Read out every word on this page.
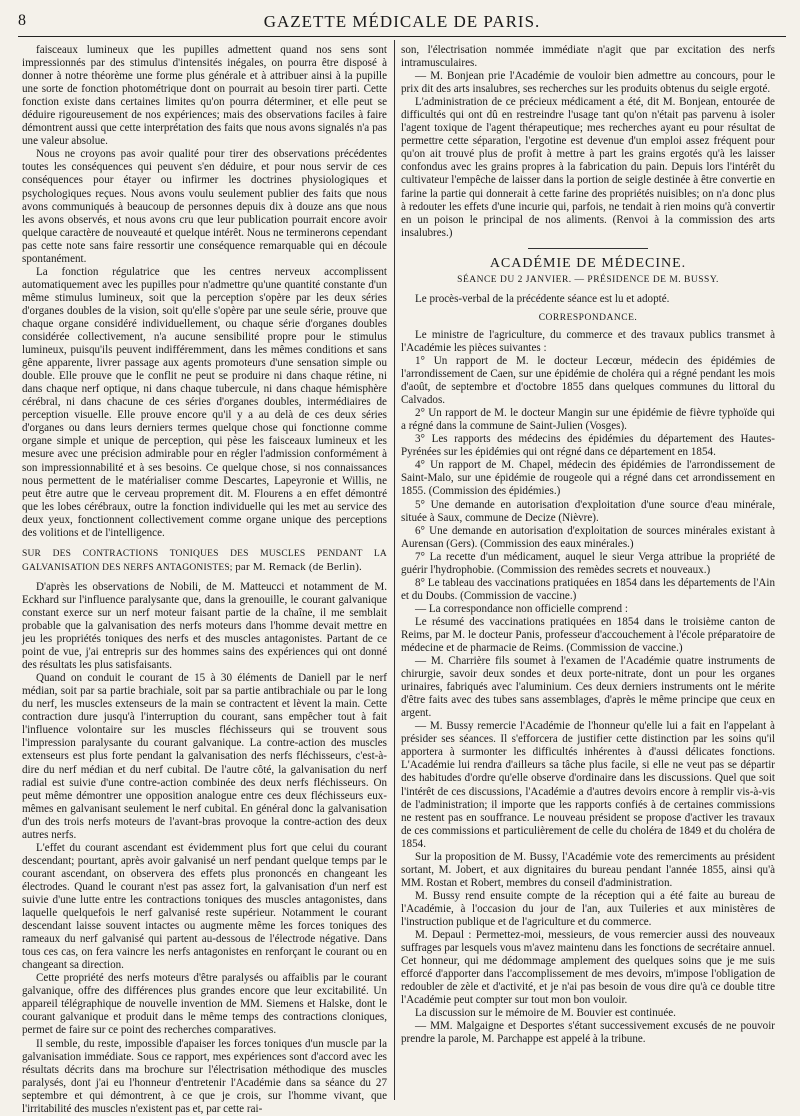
8	GAZETTE MÉDICALE DE PARIS.

faisceaux lumineux que les pupilles admettent quand nos sens sont impressionnés par des stimulus d'intensités inégales, on pourra être disposé à donner à notre théorème une forme plus générale et à attribuer ainsi à la pupille une sorte de fonction photométrique dont on pourrait au besoin tirer parti. Cette fonction existe dans certaines limites qu'on pourra déterminer, et elle peut se déduire rigoureusement de nos expériences; mais des observations faciles à faire démontrent aussi que cette interprétation des faits que nous avons signalés n'a pas une valeur absolue.

Nous ne croyons pas avoir qualité pour tirer des observations précédentes toutes les conséquences qui peuvent s'en déduire, et pour nous servir de ces conséquences pour étayer ou infirmer les doctrines physiologiques et psychologiques reçues. Nous avons voulu seulement publier des faits que nous avons communiqués à beaucoup de personnes depuis dix à douze ans que nous les avons observés, et nous avons cru que leur publication pourrait encore avoir quelque caractère de nouveauté et quelque intérêt. Nous ne terminerons cependant pas cette note sans faire ressortir une conséquence remarquable qui en découle spontanément.

La fonction régulatrice que les centres nerveux accomplissent automatiquement avec les pupilles pour n'admettre qu'une quantité constante d'un même stimulus lumineux, soit que la perception s'opère par les deux séries d'organes doubles de la vision, soit qu'elle s'opère par une seule série, prouve que chaque organe considéré individuellement, ou chaque série d'organes doubles considérée collectivement, n'a aucune sensibilité propre pour le stimulus lumineux, puisqu'ils peuvent indifféremment, dans les mêmes conditions et sans gêne apparente, livrer passage aux agents promoteurs d'une sensation simple ou double. Elle prouve que le conflit ne peut se produire ni dans chaque rétine, ni dans chaque nerf optique, ni dans chaque tubercule, ni dans chaque hémisphère cérébral, ni dans chacune de ces séries d'organes doubles, intermédiaires de perception visuelle. Elle prouve encore qu'il y a au delà de ces deux séries d'organes ou dans leurs derniers termes quelque chose qui fonctionne comme organe simple et unique de perception, qui pèse les faisceaux lumineux et les mesure avec une précision admirable pour en régler l'admission conformément à son impressionnabilité et à ses besoins. Ce quelque chose, si nos connaissances nous permettent de le matérialiser comme Descartes, Lapeyronie et Willis, ne peut être autre que le cerveau proprement dit. M. Flourens a en effet démontré que les lobes cérébraux, outre la fonction individuelle qui les met au service des deux yeux, fonctionnent collectivement comme organe unique des perceptions des volitions et de l'intelligence.

SUR DES CONTRACTIONS TONIQUES DES MUSCLES PENDANT LA GALVANISATION DES NERFS ANTAGONISTES; par M. Remack (de Berlin).

D'après les observations de Nobili, de M. Matteucci et notamment de M. Eckhard sur l'influence paralysante que, dans la grenouille, le courant galvanique constant exerce sur un nerf moteur faisant partie de la chaîne, il me semblait probable que la galvanisation des nerfs moteurs dans l'homme devait mettre en jeu les propriétés toniques des nerfs et des muscles antagonistes. Partant de ce point de vue, j'ai entrepris sur des hommes sains des expériences qui ont donné des résultats les plus satisfaisants.

Quand on conduit le courant de 15 à 30 éléments de Daniell par le nerf médian, soit par sa partie brachiale, soit par sa partie antibrachiale ou par le long du nerf, les muscles extenseurs de la main se contractent et lèvent la main. Cette contraction dure jusqu'à l'interruption du courant, sans empêcher tout à fait l'influence volontaire sur les muscles fléchisseurs qui se trouvent sous l'impression paralysante du courant galvanique. La contre-action des muscles extenseurs est plus forte pendant la galvanisation des nerfs fléchisseurs, c'est-à-dire du nerf médian et du nerf cubital. De l'autre côté, la galvanisation du nerf radial est suivie d'une contre-action combinée des deux nerfs fléchisseurs. On peut même démontrer une opposition analogue entre ces deux fléchisseurs eux-mêmes en galvanisant seulement le nerf cubital. En général donc la galvanisation d'un des trois nerfs moteurs de l'avant-bras provoque la contre-action des deux autres nerfs.

L'effet du courant ascendant est évidemment plus fort que celui du courant descendant; pourtant, après avoir galvanisé un nerf pendant quelque temps par le courant ascendant, on observera des effets plus prononcés en changeant les électrodes. Quand le courant n'est pas assez fort, la galvanisation d'un nerf est suivie d'une lutte entre les contractions toniques des muscles antagonistes, dans laquelle quelquefois le nerf galvanisé reste supérieur. Notamment le courant descendant laisse souvent intactes ou augmente même les forces toniques des rameaux du nerf galvanisé qui partent au-dessous de l'électrode négative. Dans tous ces cas, on fera vaincre les nerfs antagonistes en renforçant le courant ou en changeant sa direction.

Cette propriété des nerfs moteurs d'être paralysés ou affaiblis par le courant galvanique, offre des différences plus grandes encore que leur excitabilité. Un appareil télégraphique de nouvelle invention de MM. Siemens et Halske, dont le courant galvanique et produit dans le même temps des contractions cloniques, permet de faire sur ce point des recherches comparatives.

Il semble, du reste, impossible d'apaiser les forces toniques d'un muscle par la galvanisation immédiate. Sous ce rapport, mes expériences sont d'accord avec les résultats décrits dans ma brochure sur l'électrisation méthodique des muscles paralysés, dont j'ai eu l'honneur d'entretenir l'Académie dans sa séance du 27 septembre et qui démontrent, à ce que je crois, sur l'homme vivant, que l'irritabilité des muscles n'existent pas et, par cette rai-

son, l'électrisation nommée immédiate n'agit que par excitation des nerfs intramusculaires.

— M. Bonjean prie l'Académie de vouloir bien admettre au concours, pour le prix dit des arts insalubres, ses recherches sur les produits obtenus du seigle ergoté.

L'administration de ce précieux médicament a été, dit M. Bonjean, entourée de difficultés qui ont dû en restreindre l'usage tant qu'on n'était pas parvenu à isoler l'agent toxique de l'agent thérapeutique; mes recherches ayant eu pour résultat de permettre cette séparation, l'ergotine est devenue d'un emploi assez fréquent pour qu'on ait trouvé plus de profit à mettre à part les grains ergotés qu'à les laisser confondus avec les grains propres à la fabrication du pain. Depuis lors l'intérêt du cultivateur l'empêche de laisser dans la portion de seigle destinée à être convertie en farine la partie qui donnerait à cette farine des propriétés nuisibles; on n'a donc plus à redouter les effets d'une incurie qui, parfois, ne tendait à rien moins qu'à convertir en un poison le principal de nos aliments. (Renvoi à la commission des arts insalubres.)

ACADÉMIE DE MÉDECINE.
SÉANCE DU 2 JANVIER. — PRÉSIDENCE DE M. BUSSY.

Le procès-verbal de la précédente séance est lu et adopté.

CORRESPONDANCE.

Le ministre de l'agriculture, du commerce et des travaux publics transmet à l'Académie les pièces suivantes :

1° Un rapport de M. le docteur Lecœur, médecin des épidémies de l'arrondissement de Caen, sur une épidémie de choléra qui a régné pendant les mois d'août, de septembre et d'octobre 1855 dans quelques communes du littoral du Calvados.

2° Un rapport de M. le docteur Mangin sur une épidémie de fièvre typhoïde qui a régné dans la commune de Saint-Julien (Vosges).

3° Les rapports des médecins des épidémies du département des Hautes-Pyrénées sur les épidémies qui ont régné dans ce département en 1854.

4° Un rapport de M. Chapel, médecin des épidémies de l'arrondissement de Saint-Malo, sur une épidémie de rougeole qui a régné dans cet arrondissement en 1855. (Commission des épidémies.)

5° Une demande en autorisation d'exploitation d'une source d'eau minérale, située à Saux, commune de Decize (Nièvre).

6° Une demande en autorisation d'exploitation de sources minérales existant à Aurensan (Gers). (Commission des eaux minérales.)

7° La recette d'un médicament, auquel le sieur Verga attribue la propriété de guérir l'hydrophobie. (Commission des remèdes secrets et nouveaux.)

8° Le tableau des vaccinations pratiquées en 1854 dans les départements de l'Ain et du Doubs. (Commission de vaccine.)

— La correspondance non officielle comprend :

Le résumé des vaccinations pratiquées en 1854 dans le troisième canton de Reims, par M. le docteur Panis, professeur d'accouchement à l'école préparatoire de médecine et de pharmacie de Reims. (Commission de vaccine.)

— M. Charrière fils soumet à l'examen de l'Académie quatre instruments de chirurgie, savoir deux sondes et deux porte-nitrate, dont un pour les organes urinaires, fabriqués avec l'aluminium. Ces deux derniers instruments ont le mérite d'être faits avec des tubes sans assemblages, d'après le même principe que ceux en argent.

— M. Bussy remercie l'Académie de l'honneur qu'elle lui a fait en l'appelant à présider ses séances. Il s'efforcera de justifier cette distinction par les soins qu'il apportera à surmonter les difficultés inhérentes à d'aussi délicates fonctions. L'Académie lui rendra d'ailleurs sa tâche plus facile, si elle ne veut pas se départir des habitudes d'ordre qu'elle observe d'ordinaire dans les discussions. Quel que soit l'intérêt de ces discussions, l'Académie a d'autres devoirs encore à remplir vis-à-vis de l'administration; il importe que les rapports confiés à de certaines commissions ne restent pas en souffrance. Le nouveau président se propose d'activer les travaux de ces commissions et particulièrement de celle du choléra de 1849 et du choléra de 1854.

Sur la proposition de M. Bussy, l'Académie vote des remerciments au président sortant, M. Jobert, et aux dignitaires du bureau pendant l'année 1855, ainsi qu'à MM. Rostan et Robert, membres du conseil d'administration.

M. Bussy rend ensuite compte de la réception qui a été faite au bureau de l'Académie, à l'occasion du jour de l'an, aux Tuileries et aux ministères de l'instruction publique et de l'agriculture et du commerce.

M. Depaul : Permettez-moi, messieurs, de vous remercier aussi des nouveaux suffrages par lesquels vous m'avez maintenu dans les fonctions de secrétaire annuel. Cet honneur, qui me dédommage amplement des quelques soins que je me suis efforcé d'apporter dans l'accomplissement de mes devoirs, m'impose l'obligation de redoubler de zèle et d'activité, et je n'ai pas besoin de vous dire qu'à ce double titre l'Académie peut compter sur tout mon bon vouloir.

La discussion sur le mémoire de M. Bouvier est continuée.

— MM. Malgaigne et Desportes s'étant successivement excusés de ne pouvoir prendre la parole, M. Parchappe est appelé à la tribune.
